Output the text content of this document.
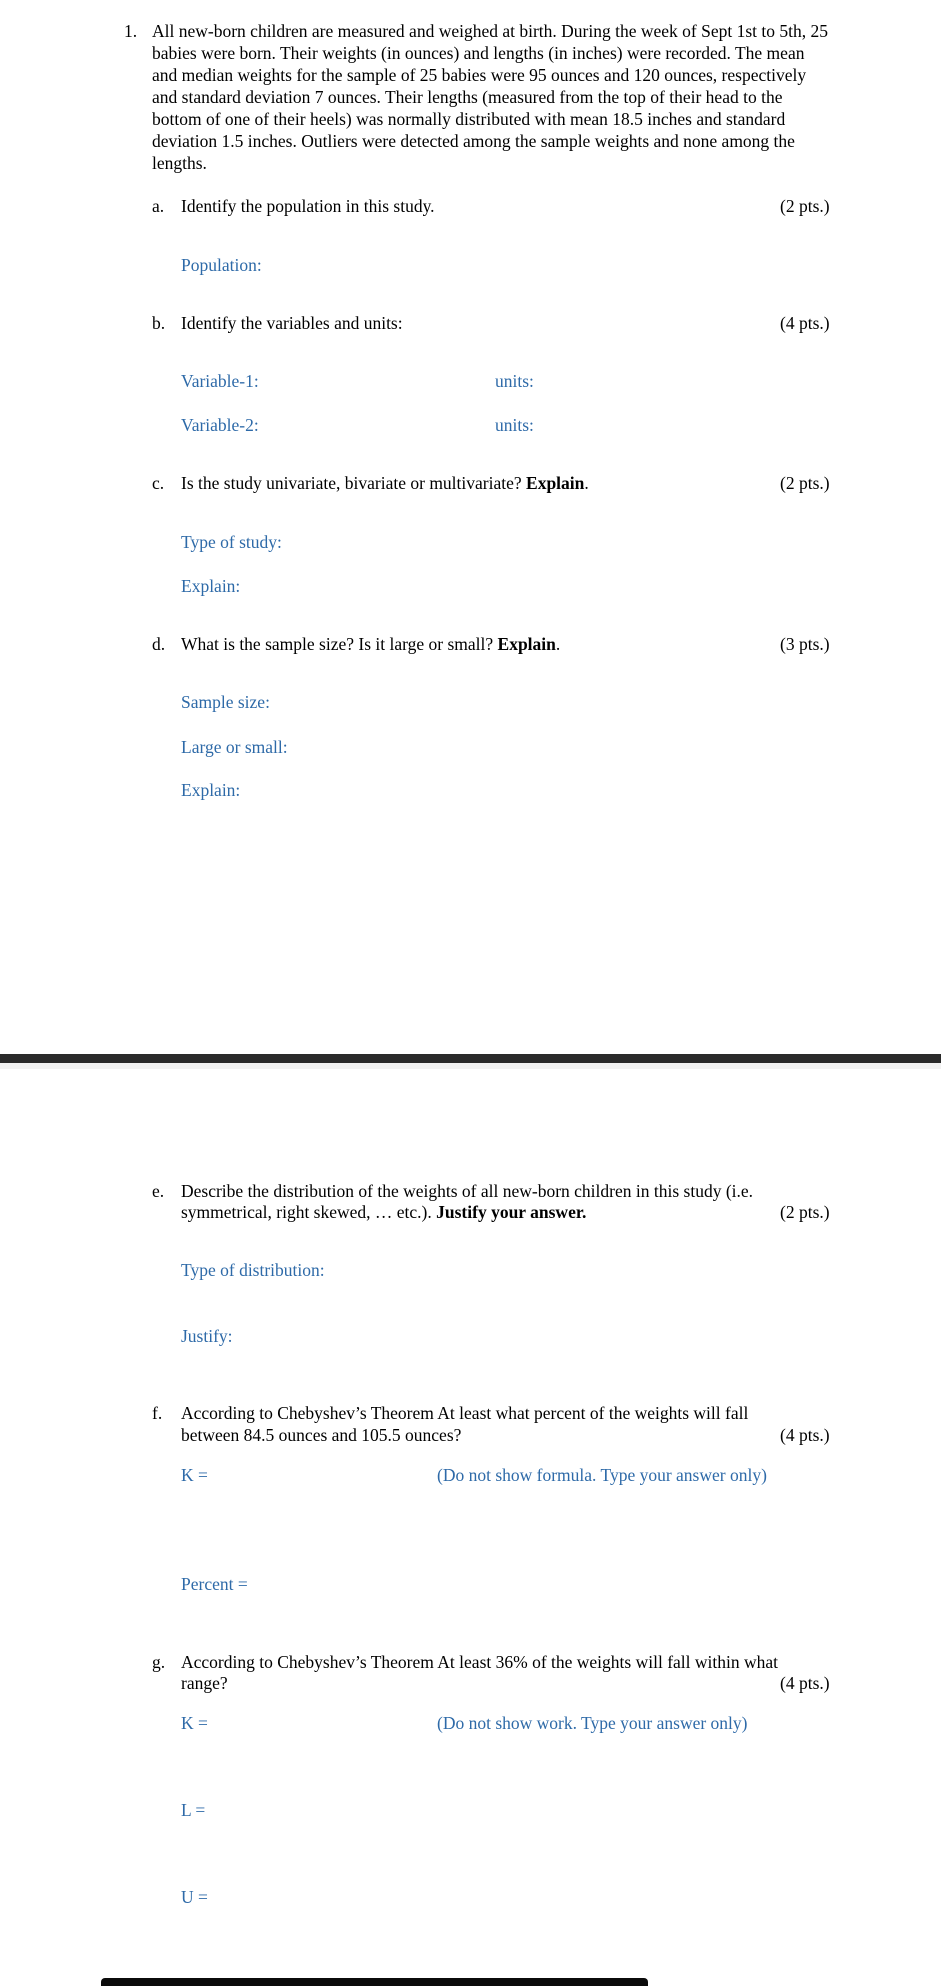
1. All new-born children are measured and weighed at birth. During the week of Sept 1st to 5th, 25 babies were born. Their weights (in ounces) and lengths (in inches) were recorded. The mean and median weights for the sample of 25 babies were 95 ounces and 120 ounces, respectively and standard deviation 7 ounces. Their lengths (measured from the top of their head to the bottom of one of their heels) was normally distributed with mean 18.5 inches and standard deviation 1.5 inches. Outliers were detected among the sample weights and none among the lengths.
a. Identify the population in this study.	(2 pts.)
Population:
b. Identify the variables and units:	(4 pts.)
Variable-1:	units:
Variable-2:	units:
c. Is the study univariate, bivariate or multivariate? Explain.	(2 pts.)
Type of study:
Explain:
d. What is the sample size? Is it large or small? Explain.	(3 pts.)
Sample size:
Large or small:
Explain:
e. Describe the distribution of the weights of all new-born children in this study (i.e.
symmetrical, right skewed, … etc.). Justify your answer.	(2 pts.)
Type of distribution:
Justify:
f. According to Chebyshev’s Theorem At least what percent of the weights will fall
between 84.5 ounces and 105.5 ounces?	(4 pts.)
K =	(Do not show formula. Type your answer only)
Percent =
g. According to Chebyshev’s Theorem At least 36% of the weights will fall within what
range?	(4 pts.)
K =	(Do not show work. Type your answer only)
L =
U =
